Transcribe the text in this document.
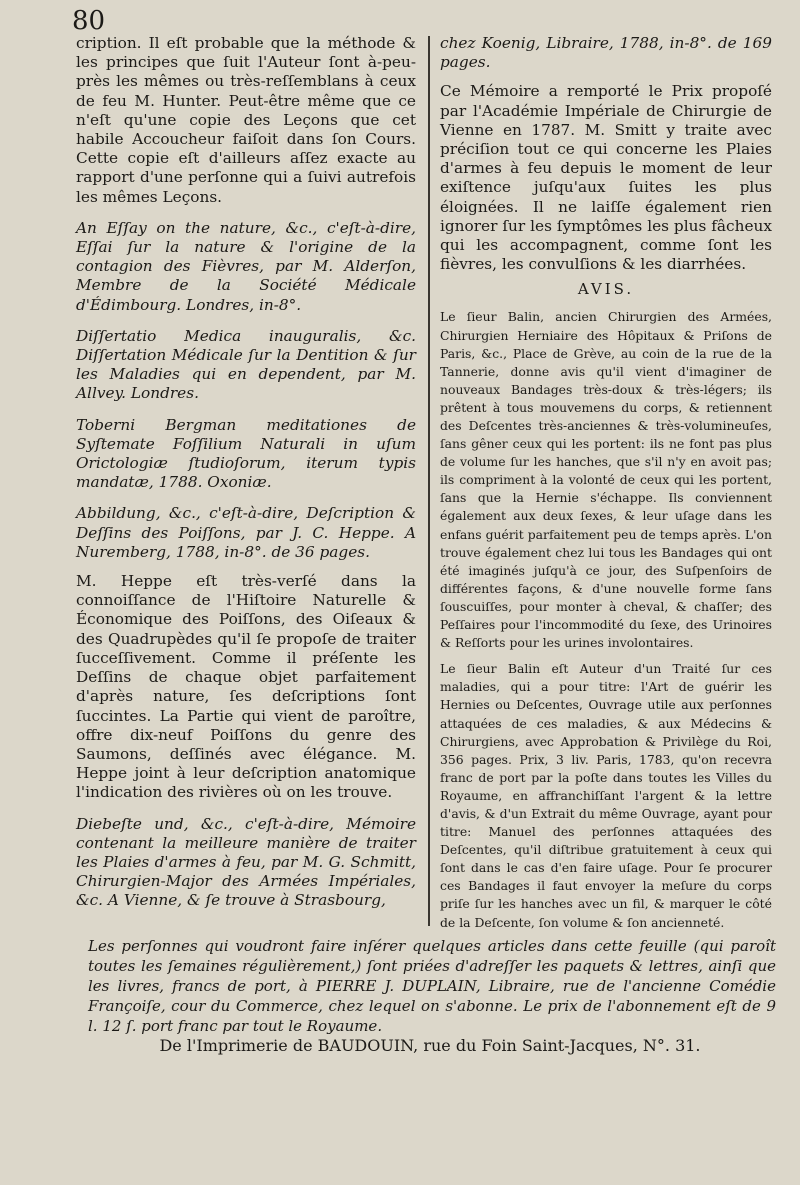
80

cription. Il eſt probable que la méthode & les principes que ſuit l'Auteur ſont à-peu-près les mêmes ou très-reſſemblans à ceux de feu M. Hunter. Peut-être même que ce n'eſt qu'une copie des Leçons que cet habile Accoucheur faiſoit dans ſon Cours. Cette copie eſt d'ailleurs aſſez exacte au rapport d'une perſonne qui a ſuivi autrefois les mêmes Leçons.

An Eſſay on the nature, &c., c'eſt-à-dire, Eſſai ſur la nature & l'origine de la contagion des Fièvres, par M. Alderſon, Membre de la Société Médicale d'Édimbourg. Londres, in-8°.

Diſſertatio Medica inauguralis, &c. Diſſertation Médicale ſur la Dentition & ſur les Maladies qui en dependent, par M. Allvey. Londres.

Toberni Bergman meditationes de Syſtemate Foſſilium Naturali in uſum Orictologiæ ſtudioſorum, iterum typis mandatæ, 1788. Oxoniæ.

Abbildung, &c., c'eſt-à-dire, Deſcription & Deſſins des Poiſſons, par J. C. Heppe. A Nuremberg, 1788, in-8°. de 36 pages.

M. Heppe eſt très-verſé dans la connoiſſance de l'Hiſtoire Naturelle & Économique des Poiſſons, des Oiſeaux & des Quadrupèdes qu'il ſe propoſe de traiter ſucceſſivement. Comme il préſente les Deſſins de chaque objet parfaitement d'après nature, ſes deſcriptions ſont ſuccintes. La Partie qui vient de paroître, offre dix-neuf Poiſſons du genre des Saumons, deſſinés avec élégance. M. Heppe joint à leur deſcription anatomique l'indication des rivières où on les trouve.

Diebeſte und, &c., c'eſt-à-dire, Mémoire contenant la meilleure manière de traiter les Plaies d'armes à feu, par M. G. Schmitt, Chirurgien-Major des Armées Impériales, &c. A Vienne, & ſe trouve à Strasbourg,

chez Koenig, Libraire, 1788, in-8°. de 169 pages.

Ce Mémoire a remporté le Prix propoſé par l'Académie Impériale de Chirurgie de Vienne en 1787. M. Smitt y traite avec préciſion tout ce qui concerne les Plaies d'armes à feu depuis le moment de leur exiſtence juſqu'aux ſuites les plus éloignées. Il ne laiſſe également rien ignorer ſur les ſymptômes les plus fâcheux qui les accompagnent, comme ſont les fièvres, les convulſions & les diarrhées.

AVIS.

Le ſieur Balin, ancien Chirurgien des Armées, Chirurgien Herniaire des Hôpitaux & Priſons de Paris, &c., Place de Grève, au coin de la rue de la Tannerie, donne avis qu'il vient d'imaginer de nouveaux Bandages très-doux & très-légers; ils prêtent à tous mouvemens du corps, & retiennent des Deſcentes très-anciennes & très-volumineuſes, ſans gêner ceux qui les portent: ils ne font pas plus de volume ſur les hanches, que s'il n'y en avoit pas; ils compriment à la volonté de ceux qui les portent, ſans que la Hernie s'échappe. Ils conviennent également aux deux ſexes, & leur uſage dans les enfans guérit parfaitement peu de temps après. L'on trouve également chez lui tous les Bandages qui ont été imaginés juſqu'à ce jour, des Suſpenſoirs de différentes façons, & d'une nouvelle forme ſans ſouscuiſſes, pour monter à cheval, & chaſſer; des Peſſaires pour l'incommodité du ſexe, des Urinoires & Reſſorts pour les urines involontaires.

Le ſieur Balin eſt Auteur d'un Traité ſur ces maladies, qui a pour titre: l'Art de guérir les Hernies ou Deſcentes, Ouvrage utile aux perſonnes attaquées de ces maladies, & aux Médecins & Chirurgiens, avec Approbation & Privilège du Roi, 356 pages. Prix, 3 liv. Paris, 1783, qu'on recevra franc de port par la poſte dans toutes les Villes du Royaume, en affranchiſſant l'argent & la lettre d'avis, & d'un Extrait du même Ouvrage, ayant pour titre: Manuel des perſonnes attaquées des Deſcentes, qu'il diſtribue gratuitement à ceux qui ſont dans le cas d'en faire uſage. Pour ſe procurer ces Bandages il faut envoyer la meſure du corps priſe ſur les hanches avec un fil, & marquer le côté de la Deſcente, ſon volume & ſon ancienneté.

Les perſonnes qui voudront faire inſérer quelques articles dans cette feuille (qui paroît toutes les ſemaines régulièrement,) ſont priées d'adreſſer les paquets & lettres, ainſi que les livres, francs de port, à PIERRE J. DUPLAIN, Libraire, rue de l'ancienne Comédie Françoiſe, cour du Commerce, chez lequel on s'abonne. Le prix de l'abonnement eſt de 9 l. 12 ſ. port franc par tout le Royaume.

De l'Imprimerie de BAUDOUIN, rue du Foin Saint-Jacques, N°. 31.
